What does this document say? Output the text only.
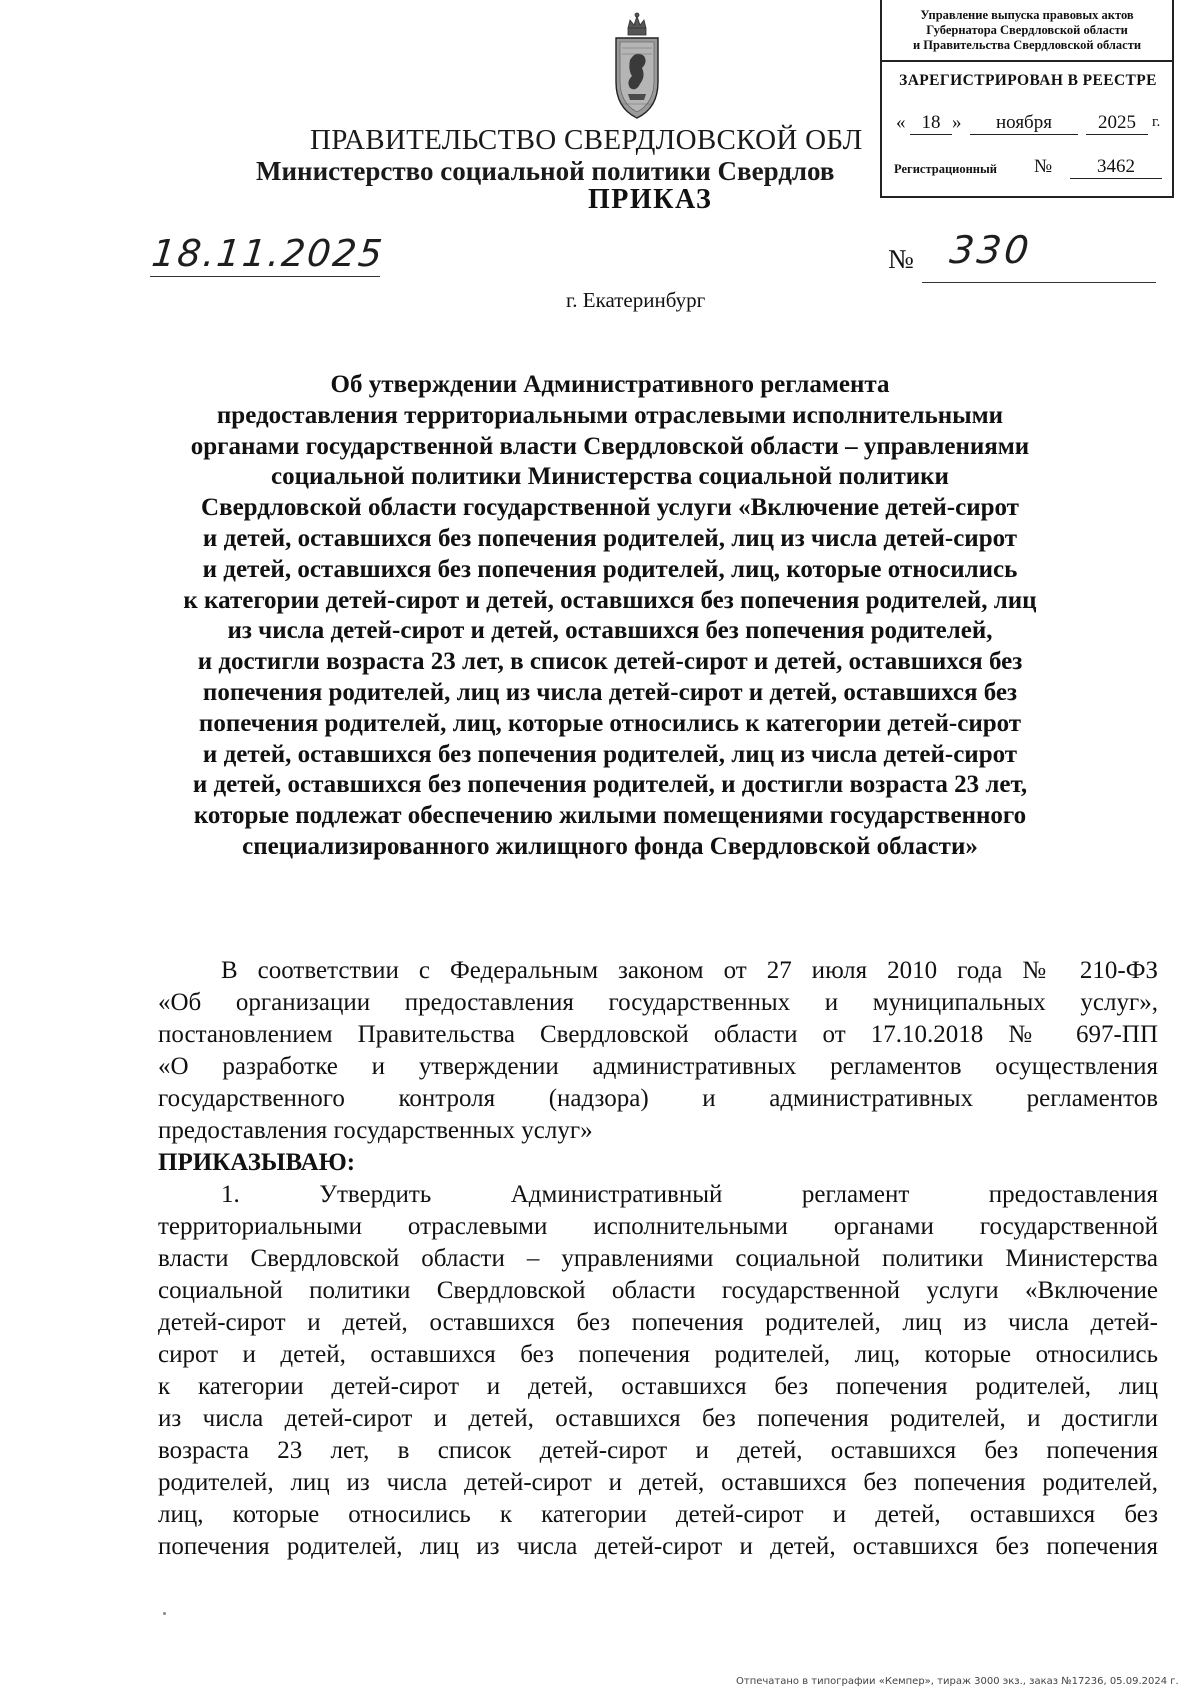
ПРАВИТЕЛЬСТВО СВЕРДЛОВСКОЙ ОБЛ
Министерство социальной политики Свердлов
ПРИКАЗ
Управление выпуска правовых актов
Губернатора Свердловской области
и Правительства Свердловской области
ЗАРЕГИСТРИРОВАН В РЕЕСТРЕ
« 18 »	ноября	2025	г.
Регистрационный №	3462
18.11.2025	№ 330
г. Екатеринбург
Об утверждении Административного регламента
предоставления территориальными отраслевыми исполнительными
органами государственной власти Свердловской области – управлениями
социальной политики Министерства социальной политики
Свердловской области государственной услуги «Включение детей-сирот
и детей, оставшихся без попечения родителей, лиц из числа детей-сирот
и детей, оставшихся без попечения родителей, лиц, которые относились
к категории детей-сирот и детей, оставшихся без попечения родителей, лиц
из числа детей-сирот и детей, оставшихся без попечения родителей,
и достигли возраста 23 лет, в список детей-сирот и детей, оставшихся без
попечения родителей, лиц из числа детей-сирот и детей, оставшихся без
попечения родителей, лиц, которые относились к категории детей-сирот
и детей, оставшихся без попечения родителей, лиц из числа детей-сирот
и детей, оставшихся без попечения родителей, и достигли возраста 23 лет,
которые подлежат обеспечению жилыми помещениями государственного
специализированного жилищного фонда Свердловской области»
В соответствии с Федеральным законом от 27 июля 2010 года № 210-ФЗ
«Об организации предоставления государственных и муниципальных услуг»,
постановлением Правительства Свердловской области от 17.10.2018 № 697-ПП
«О разработке и утверждении административных регламентов осуществления
государственного контроля (надзора) и административных регламентов
предоставления государственных услуг»
ПРИКАЗЫВАЮ:
1. Утвердить Административный регламент предоставления
территориальными отраслевыми исполнительными органами государственной
власти Свердловской области – управлениями социальной политики Министерства
социальной политики Свердловской области государственной услуги «Включение
детей-сирот и детей, оставшихся без попечения родителей, лиц из числа детей-
сирот и детей, оставшихся без попечения родителей, лиц, которые относились
к категории детей-сирот и детей, оставшихся без попечения родителей, лиц
из числа детей-сирот и детей, оставшихся без попечения родителей, и достигли
возраста 23 лет, в список детей-сирот и детей, оставшихся без попечения
родителей, лиц из числа детей-сирот и детей, оставшихся без попечения родителей,
лиц, которые относились к категории детей-сирот и детей, оставшихся без
попечения родителей, лиц из числа детей-сирот и детей, оставшихся без попечения
Отпечатано в типографии «Кемпер», тираж 3000 экз., заказ №17236, 05.09.2024 г.
